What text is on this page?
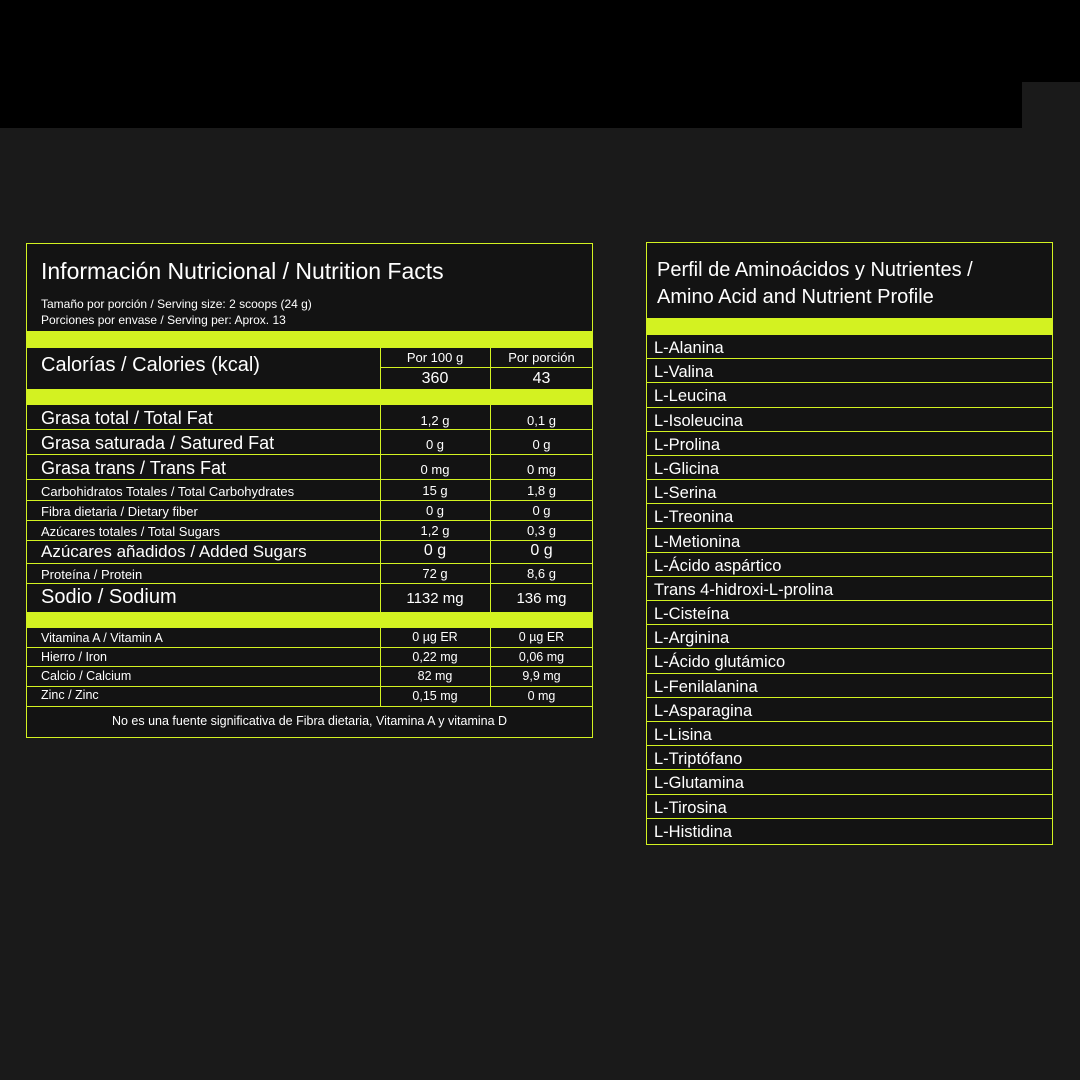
Información Nutricional / Nutrition Facts
Tamaño por porción / Serving size: 2 scoops (24 g)
Porciones por envase / Serving per: Aprox. 13
Calorías / Calories (kcal)	Por 100 g	Por porción
360	43
Grasa total / Total Fat	1,2 g	0,1 g
Grasa saturada / Satured Fat	0 g	0 g
Grasa trans / Trans Fat	0 mg	0 mg
Carbohidratos Totales / Total Carbohydrates	15 g	1,8 g
Fibra dietaria / Dietary fiber	0 g	0 g
Azúcares totales / Total Sugars	1,2 g	0,3 g
Azúcares añadidos / Added Sugars	0 g	0 g
Proteína / Protein	72 g	8,6 g
Sodio / Sodium	1132 mg	136 mg
Vitamina A / Vitamin A	0 µg ER	0 µg ER
Hierro / Iron	0,22 mg	0,06 mg
Calcio / Calcium	82 mg	9,9 mg
Zinc / Zinc	0,15 mg	0 mg
No es una fuente significativa de Fibra dietaria, Vitamina A y vitamina D
Perfil de Aminoácidos y Nutrientes /
Amino Acid and Nutrient Profile
L-Alanina
L-Valina
L-Leucina
L-Isoleucina
L-Prolina
L-Glicina
L-Serina
L-Treonina
L-Metionina
L-Ácido aspártico
Trans 4-hidroxi-L-prolina
L-Cisteína
L-Arginina
L-Ácido glutámico
L-Fenilalanina
L-Asparagina
L-Lisina
L-Triptófano
L-Glutamina
L-Tirosina
L-Histidina
